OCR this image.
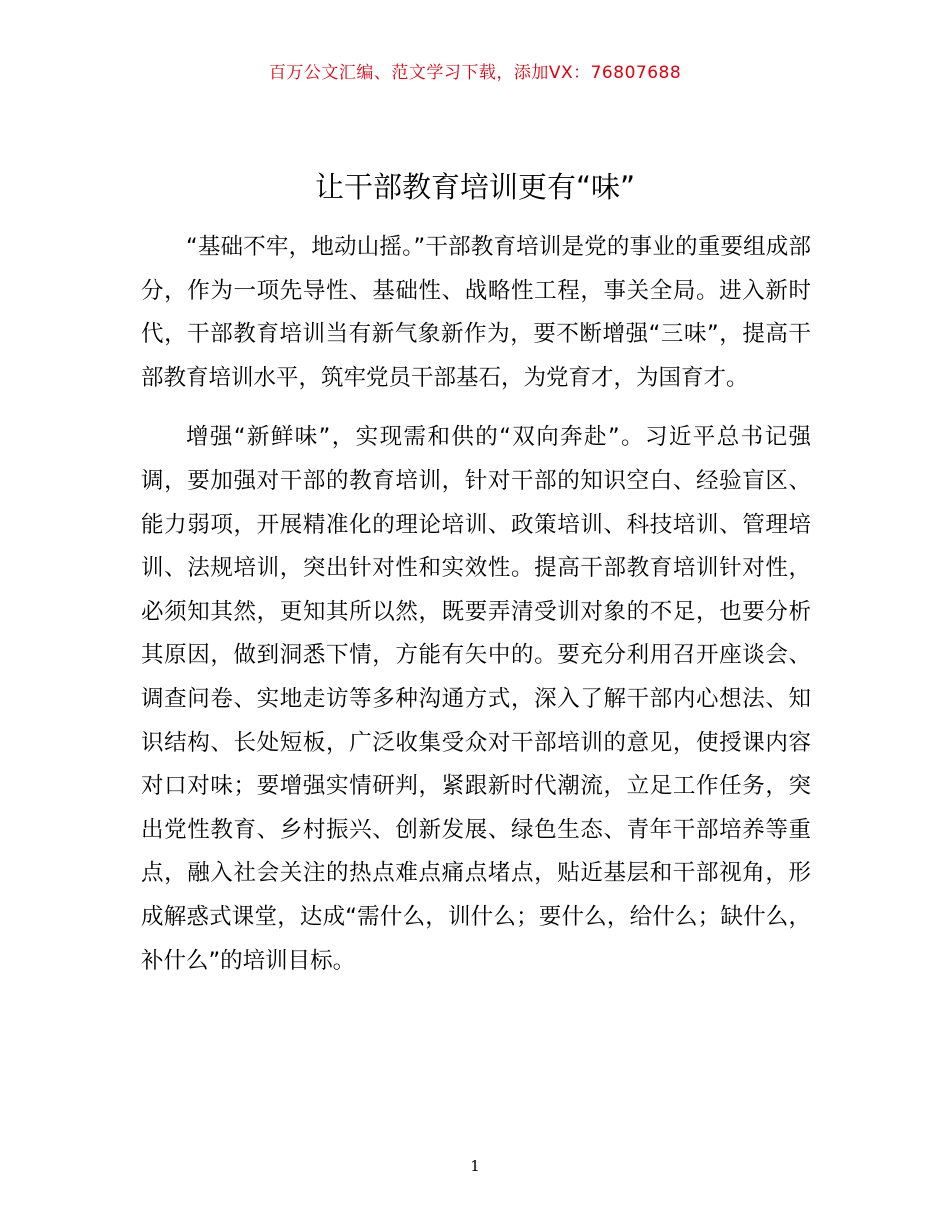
百万公文汇编、范文学习下载，添加VX：76807688
让干部教育培训更有“味”

“基础不牢，地动山摇。”干部教育培训是党的事业的重要组成部分，作为一项先导性、基础性、战略性工程，事关全局。进入新时代，干部教育培训当有新气象新作为，要不断增强“三味”，提高干部教育培训水平，筑牢党员干部基石，为党育才，为国育才。

增强“新鲜味”，实现需和供的“双向奔赴”。习近平总书记强调，要加强对干部的教育培训，针对干部的知识空白、经验盲区、能力弱项，开展精准化的理论培训、政策培训、科技培训、管理培训、法规培训，突出针对性和实效性。提高干部教育培训针对性，必须知其然，更知其所以然，既要弄清受训对象的不足，也要分析其原因，做到洞悉下情，方能有矢中的。要充分利用召开座谈会、调查问卷、实地走访等多种沟通方式，深入了解干部内心想法、知识结构、长处短板，广泛收集受众对干部培训的意见，使授课内容对口对味；要增强实情研判，紧跟新时代潮流，立足工作任务，突出党性教育、乡村振兴、创新发展、绿色生态、青年干部培养等重点，融入社会关注的热点难点痛点堵点，贴近基层和干部视角，形成解惑式课堂，达成“需什么，训什么；要什么，给什么；缺什么，补什么”的培训目标。

1
